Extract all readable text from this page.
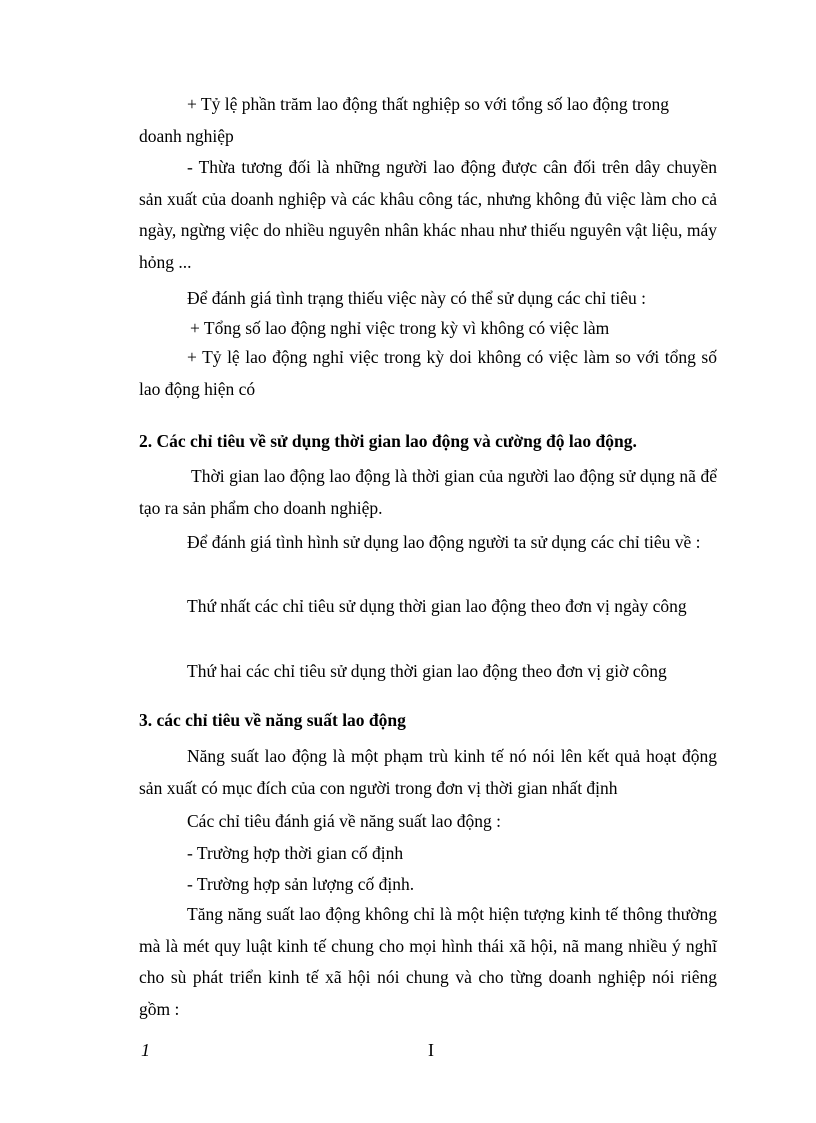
+ Tỷ lệ phần trăm lao động thất nghiệp so với tổng số lao động trong

doanh nghiệp

- Thừa tương đối là những người lao động được cân đối trên dây chuyền sản xuất của doanh nghiệp và các khâu công tác, nhưng không đủ việc làm cho cả ngày, ngừng việc do nhiều nguyên nhân khác nhau như thiếu nguyên vật liệu, máy hỏng ...

Để đánh giá tình trạng thiếu việc này có thể sử dụng các chỉ tiêu :

+ Tổng số lao động nghỉ việc trong kỳ vì không có việc làm

+ Tỷ lệ lao động nghỉ việc trong kỳ doi không có việc làm so với tổng số lao động hiện có

2. Các chỉ tiêu về sử dụng thời gian lao động và cường độ lao động.

Thời gian lao động lao động là thời gian của người lao động sử dụng nã để tạo ra sản phẩm cho doanh nghiệp.

Để đánh giá tình hình sử dụng lao động người ta sử dụng các chỉ tiêu về :

Thứ nhất các chỉ tiêu sử dụng thời gian lao động theo đơn vị ngày công

Thứ hai các chỉ tiêu sử dụng thời gian lao động theo đơn vị giờ công

3. các chỉ tiêu về năng suất lao động

Năng suất lao động là một phạm trù kinh tế nó nói lên kết quả hoạt động sản xuất có mục đích của con người trong đơn vị thời gian nhất định

Các chỉ tiêu đánh giá về năng suất lao động :

- Trường hợp thời gian cố định

- Trường hợp sản lượng cố định.

Tăng năng suất lao động không chỉ là một hiện tượng kinh tế thông thường mà là mét quy luật kinh tế chung cho mọi hình thái xã hội, nã mang nhiều ý nghĩ cho sù phát triển kinh tế xã hội nói chung và cho từng doanh nghiệp nói riêng gồm :

1	I
